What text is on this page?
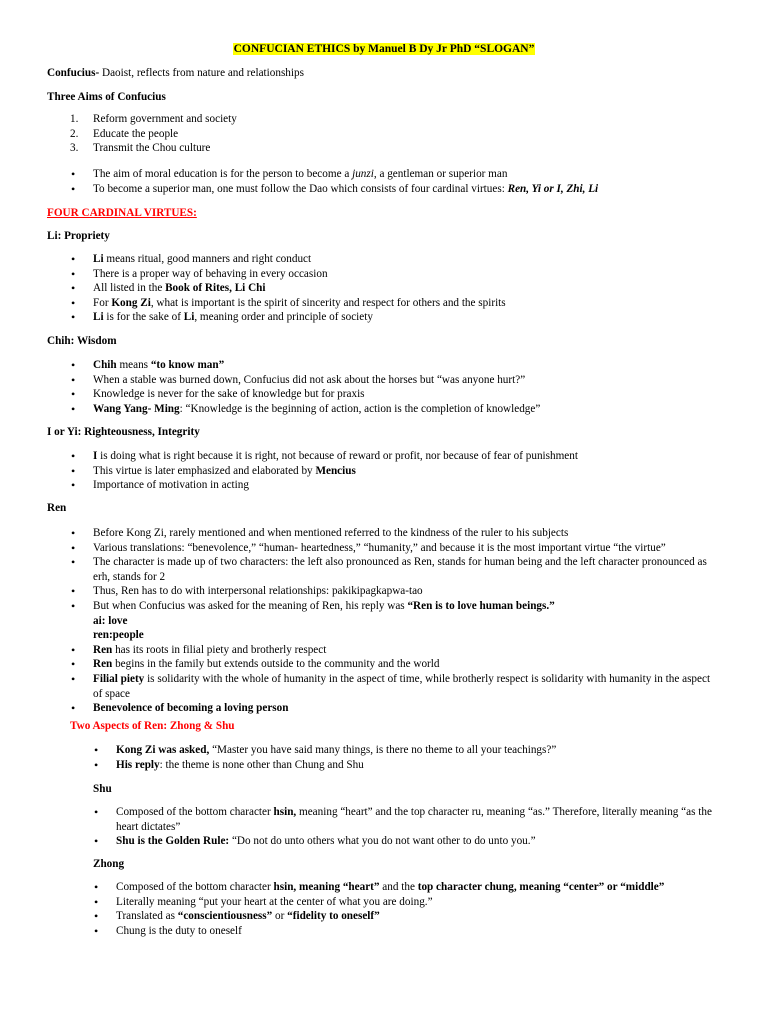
CONFUCIAN ETHICS by Manuel B Dy Jr PhD “SLOGAN”

Confucius- Daoist, reflects from nature and relationships

Three Aims of Confucius

1. Reform government and society
2. Educate the people
3. Transmit the Chou culture
• The aim of moral education is for the person to become a junzi, a gentleman or superior man
• To become a superior man, one must follow the Dao which consists of four cardinal virtues: Ren, Yi or I, Zhi, Li

FOUR CARDINAL VIRTUES:

Li: Propriety

• Li means ritual, good manners and right conduct
• There is a proper way of behaving in every occasion
• All listed in the Book of Rites, Li Chi
• For Kong Zi, what is important is the spirit of sincerity and respect for others and the spirits
• Li is for the sake of Li, meaning order and principle of society

Chih: Wisdom

• Chih means “to know man”
• When a stable was burned down, Confucius did not ask about the horses but “was anyone hurt?”
• Knowledge is never for the sake of knowledge but for praxis
• Wang Yang- Ming: “Knowledge is the beginning of action, action is the completion of knowledge”

I or Yi: Righteousness, Integrity

• I is doing what is right because it is right, not because of reward or profit, nor because of fear of punishment
• This virtue is later emphasized and elaborated by Mencius
• Importance of motivation in acting

Ren

• Before Kong Zi, rarely mentioned and when mentioned referred to the kindness of the ruler to his subjects
• Various translations: “benevolence,” “human- heartedness,” “humanity,” and because it is the most important virtue “the virtue”
• The character is made up of two characters: the left also pronounced as Ren, stands for human being and the left character pronounced as erh, stands for 2
• Thus, Ren has to do with interpersonal relationships: pakikipagkapwa-tao
• But when Confucius was asked for the meaning of Ren, his reply was “Ren is to love human beings.”
ai: love
ren:people
• Ren has its roots in filial piety and brotherly respect
• Ren begins in the family but extends outside to the community and the world
• Filial piety is solidarity with the whole of humanity in the aspect of time, while brotherly respect is solidarity with humanity in the aspect of space
• Benevolence of becoming a loving person

Two Aspects of Ren: Zhong & Shu

• Kong Zi was asked, “Master you have said many things, is there no theme to all your teachings?”
• His reply: the theme is none other than Chung and Shu

Shu

• Composed of the bottom character hsin, meaning “heart” and the top character ru, meaning “as.” Therefore, literally meaning “as the heart dictates”
• Shu is the Golden Rule: “Do not do unto others what you do not want other to do unto you.”

Zhong

• Composed of the bottom character hsin, meaning “heart” and the top character chung, meaning “center” or “middle”
• Literally meaning “put your heart at the center of what you are doing.”
• Translated as “conscientiousness” or “fidelity to oneself”
• Chung is the duty to oneself
